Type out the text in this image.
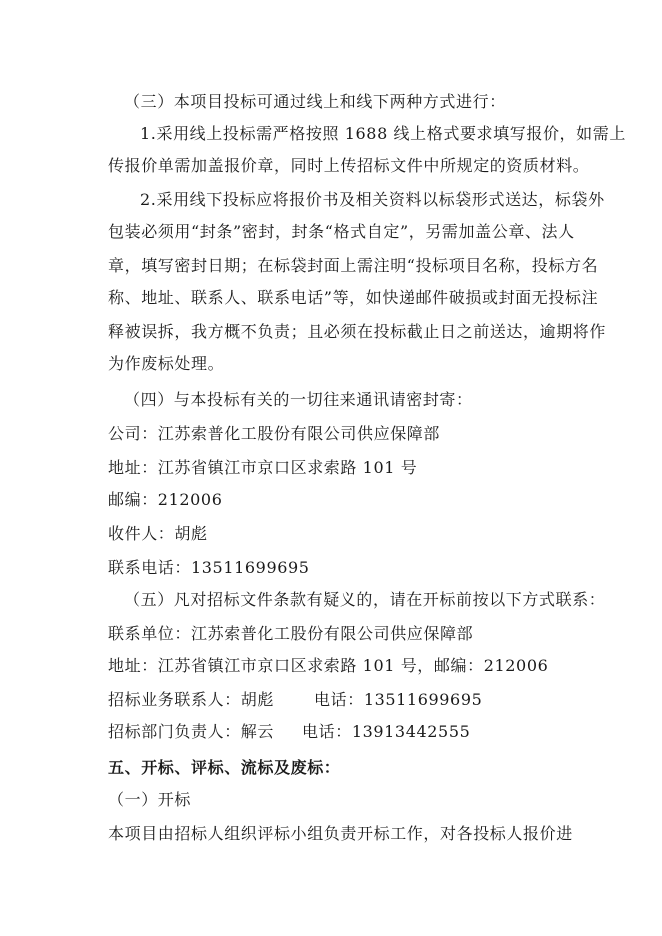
（三）本项目投标可通过线上和线下两种方式进行：
1.采用线上投标需严格按照 1688 线上格式要求填写报价，如需上
传报价单需加盖报价章，同时上传招标文件中所规定的资质材料。
2.采用线下投标应将报价书及相关资料以标袋形式送达，标袋外
包装必须用“封条”密封，封条“格式自定”，另需加盖公章、法人
章，填写密封日期；在标袋封面上需注明“投标项目名称，投标方名
称、地址、联系人、联系电话”等，如快递邮件破损或封面无投标注
释被误拆，我方概不负责；且必须在投标截止日之前送达，逾期将作
为作废标处理。
（四）与本投标有关的一切往来通讯请密封寄：
公司：江苏索普化工股份有限公司供应保障部
地址：江苏省镇江市京口区求索路 101 号
邮编：212006
收件人：胡彪
联系电话：13511699695
（五）凡对招标文件条款有疑义的，请在开标前按以下方式联系：
联系单位：江苏索普化工股份有限公司供应保障部
地址：江苏省镇江市京口区求索路 101 号，邮编：212006
招标业务联系人：胡彪	电话：13511699695
招标部门负责人：解云 电话：13913442555
五、开标、评标、流标及废标：
（一）开标
本项目由招标人组织评标小组负责开标工作，对各投标人报价进
